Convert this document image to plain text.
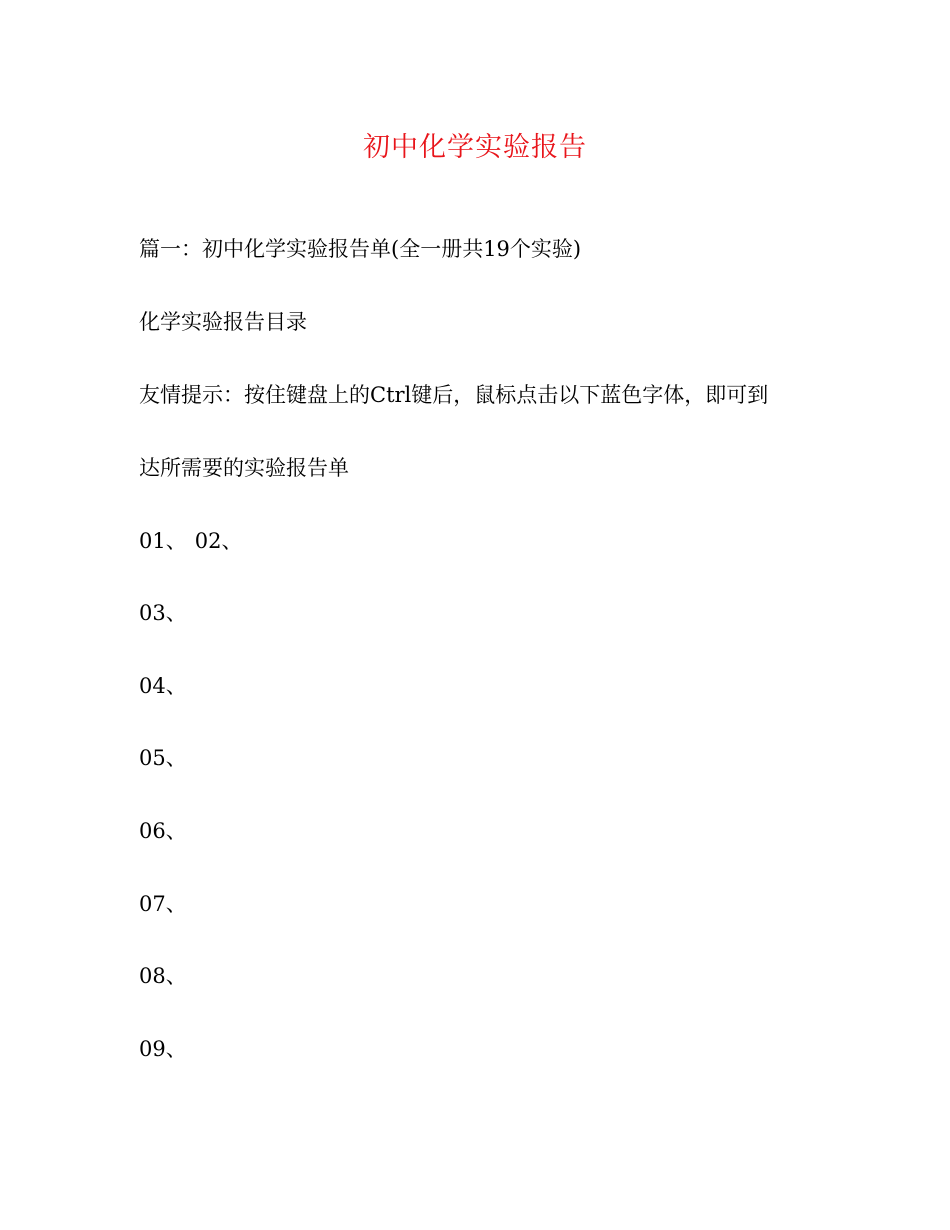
初中化学实验报告
篇一：初中化学实验报告单(全一册共19个实验)
化学实验报告目录
友情提示：按住键盘上的Ctrl键后，鼠标点击以下蓝色字体，即可到
达所需要的实验报告单
01、 02、
03、
04、
05、
06、
07、
08、
09、
